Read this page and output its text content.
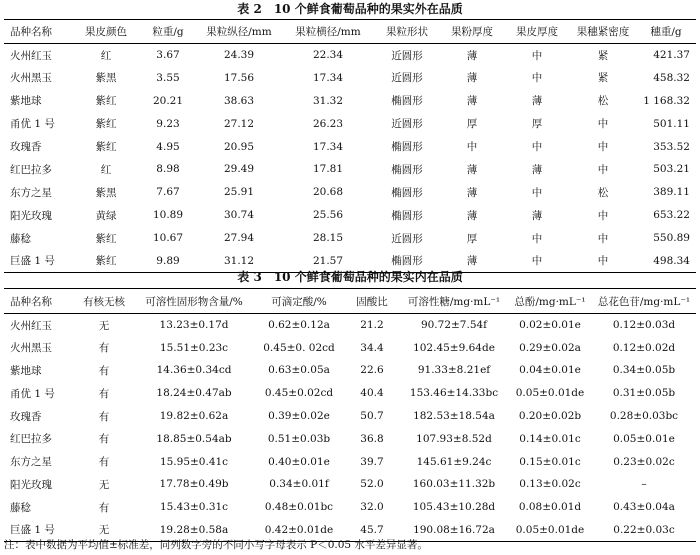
表 2　10 个鲜食葡萄品种的果实外在品质
品种名称	果皮颜色	粒重/g	果粒纵径/mm	果粒横径/mm	果粒形状	果粉厚度	果皮厚度	果穗紧密度	穗重/g
火州红玉	红	3.67	24.39	22.34	近圆形	薄	中	紧	421.37
火州黑玉	紫黑	3.55	17.56	17.34	近圆形	薄	中	紧	458.32
紫地球	紫红	20.21	38.63	31.32	椭圆形	薄	薄	松	1 168.32
甬优 1 号	紫红	9.23	27.12	26.23	近圆形	厚	厚	中	501.11
玫瑰香	紫红	4.95	20.95	17.34	椭圆形	中	中	中	353.52
红巴拉多	红	8.98	29.49	17.81	椭圆形	薄	薄	中	503.21
东方之星	紫黑	7.67	25.91	20.68	椭圆形	薄	中	松	389.11
阳光玫瑰	黄绿	10.89	30.74	25.56	椭圆形	薄	薄	中	653.22
藤稔	紫红	10.67	27.94	28.15	近圆形	厚	中	中	550.89
巨盛 1 号	紫红	9.89	31.12	21.57	椭圆形	薄	中	中	498.34
表 3　10 个鲜食葡萄品种的果实内在品质
品种名称	有核无核	可溶性固形物含量/%	可滴定酸/%	固酸比	可溶性糖/mg·mL⁻¹	总酚/mg·mL⁻¹	总花色苷/mg·mL⁻¹
火州红玉	无	13.23±0.17d	0.62±0.12a	21.2	90.72±7.54f	0.02±0.01e	0.12±0.03d
火州黑玉	有	15.51±0.23c	0.45±0. 02cd	34.4	102.45±9.64de	0.29±0.02a	0.12±0.02d
紫地球	有	14.36±0.34cd	0.63±0.05a	22.6	91.33±8.21ef	0.04±0.01e	0.34±0.05b
甬优 1 号	有	18.24±0.47ab	0.45±0.02cd	40.4	153.46±14.33bc	0.05±0.01de	0.31±0.05b
玫瑰香	有	19.82±0.62a	0.39±0.02e	50.7	182.53±18.54a	0.20±0.02b	0.28±0.03bc
红巴拉多	有	18.85±0.54ab	0.51±0.03b	36.8	107.93±8.52d	0.14±0.01c	0.05±0.01e
东方之星	有	15.95±0.41c	0.40±0.01e	39.7	145.61±9.24c	0.15±0.01c	0.23±0.02c
阳光玫瑰	无	17.78±0.49b	0.34±0.01f	52.0	160.03±11.32b	0.13±0.02c	–
藤稔	有	15.43±0.31c	0.48±0.01bc	32.0	105.43±10.28d	0.08±0.01d	0.43±0.04a
巨盛 1 号	无	19.28±0.58a	0.42±0.01de	45.7	190.08±16.72a	0.05±0.01de	0.22±0.03c
注：表中数据为平均值±标准差，同列数字旁的不同小写字母表示 P＜0.05 水平差异显著。
